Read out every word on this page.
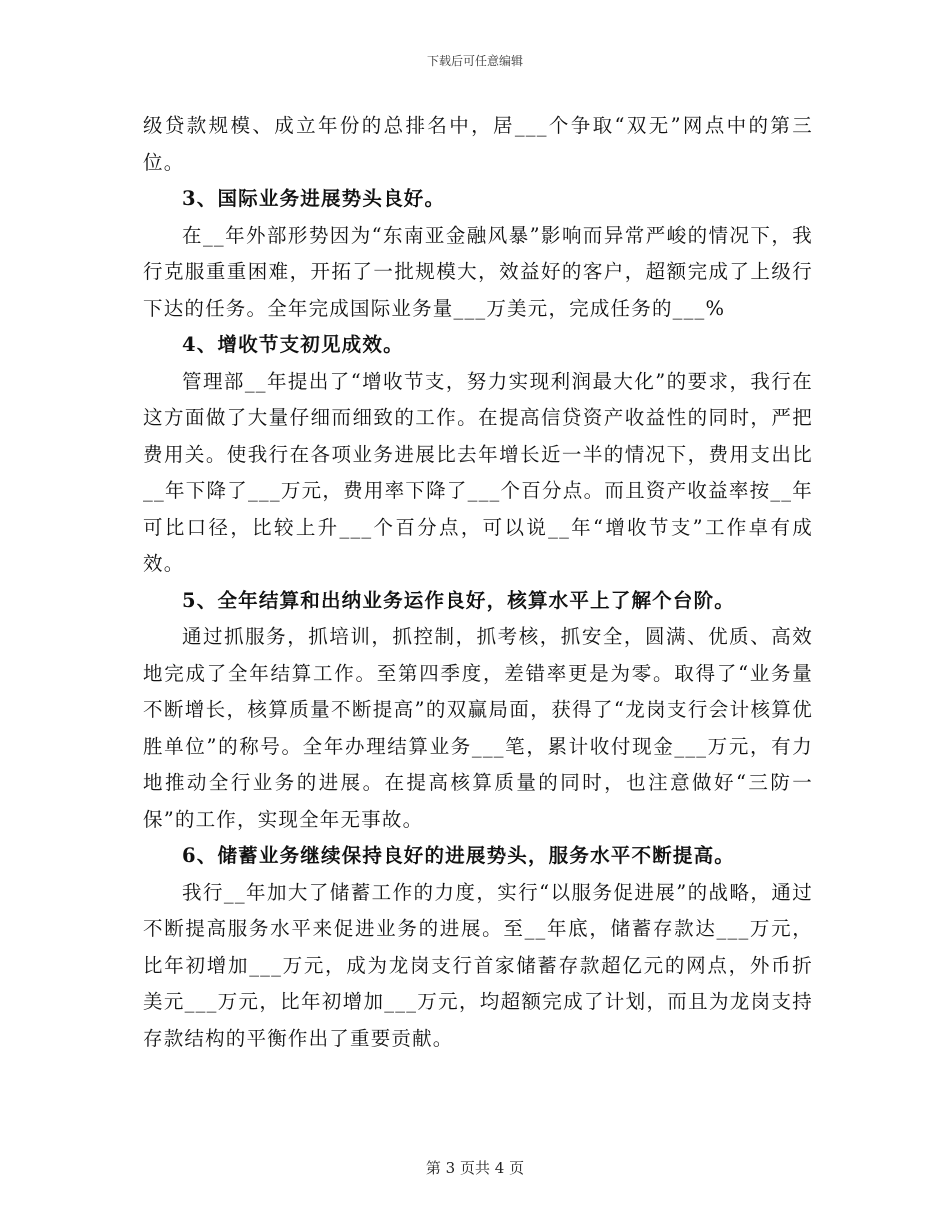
下载后可任意编辑

级贷款规模、成立年份的总排名中，居___个争取“双无”网点中的第三位。

3、国际业务进展势头良好。

在__年外部形势因为“东南亚金融风暴”影响而异常严峻的情况下，我行克服重重困难，开拓了一批规模大，效益好的客户，超额完成了上级行下达的任务。全年完成国际业务量___万美元，完成任务的___%

4、增收节支初见成效。

管理部__年提出了“增收节支，努力实现利润最大化”的要求，我行在这方面做了大量仔细而细致的工作。在提高信贷资产收益性的同时，严把费用关。使我行在各项业务进展比去年增长近一半的情况下，费用支出比__年下降了___万元，费用率下降了___个百分点。而且资产收益率按__年可比口径，比较上升___个百分点，可以说__年“增收节支”工作卓有成效。

5、全年结算和出纳业务运作良好，核算水平上了解个台阶。

通过抓服务，抓培训，抓控制，抓考核，抓安全，圆满、优质、高效地完成了全年结算工作。至第四季度，差错率更是为零。取得了“业务量不断增长，核算质量不断提高”的双赢局面，获得了“龙岗支行会计核算优胜单位”的称号。全年办理结算业务___笔，累计收付现金___万元，有力地推动全行业务的进展。在提高核算质量的同时，也注意做好“三防一保”的工作，实现全年无事故。

6、储蓄业务继续保持良好的进展势头，服务水平不断提高。

我行__年加大了储蓄工作的力度，实行“以服务促进展”的战略，通过不断提高服务水平来促进业务的进展。至__年底，储蓄存款达___万元，比年初增加___万元，成为龙岗支行首家储蓄存款超亿元的网点，外币折美元___万元，比年初增加___万元，均超额完成了计划，而且为龙岗支持存款结构的平衡作出了重要贡献。

第 3 页共 4 页
